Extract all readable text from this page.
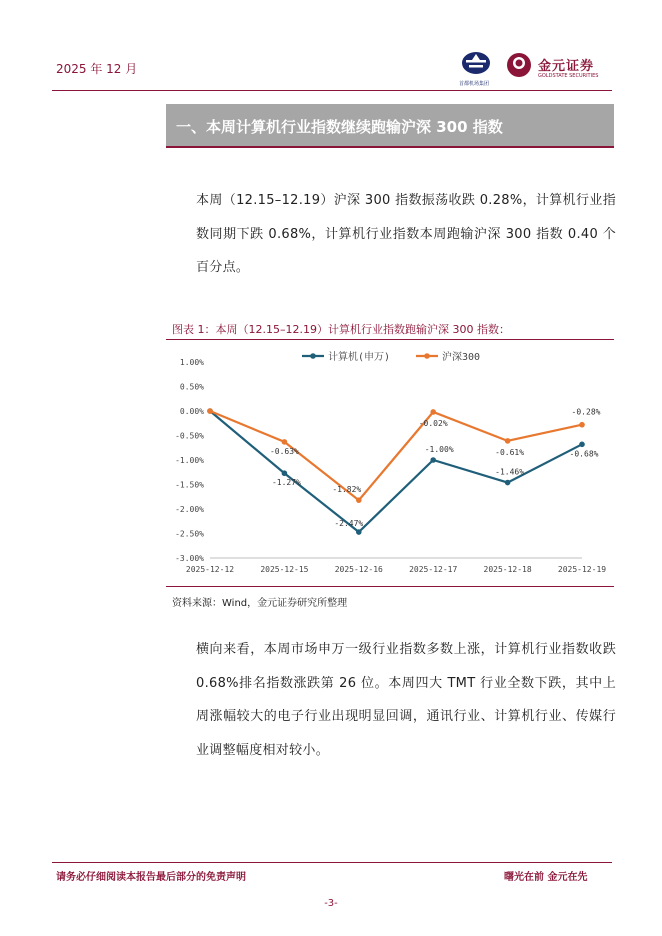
2025 年 12 月
首都机场集团
金元证券
GOLDSTATE SECURITIES
一、本周计算机行业指数继续跑输沪深 300 指数
本周（12.15–12.19）沪深 300 指数振荡收跌 0.28%，计算机行业指数同期下跌 0.68%，计算机行业指数本周跑输沪深 300 指数 0.40 个百分点。
图表 1：本周（12.15–12.19）计算机行业指数跑输沪深 300 指数：
1.00%
0.50%
0.00%
-0.50%
-1.00%
-1.50%
-2.00%
-2.50%
-3.00%
2025-12-12	2025-12-15	2025-12-16	2025-12-17	2025-12-18	2025-12-19
-1.27%
-2.47%
-1.00%
-1.46%
-0.68%
-0.63%
-1.82%
-0.02%
-0.61%
-0.28%
计算机(申万)	沪深300
资料来源：Wind，金元证券研究所整理
横向来看，本周市场申万一级行业指数多数上涨，计算机行业指数收跌 0.68%排名指数涨跌第 26 位。本周四大 TMT 行业全数下跌，其中上周涨幅较大的电子行业出现明显回调，通讯行业、计算机行业、传媒行业调整幅度相对较小。
请务必仔细阅读本报告最后部分的免责声明	曙光在前 金元在先
-3-
